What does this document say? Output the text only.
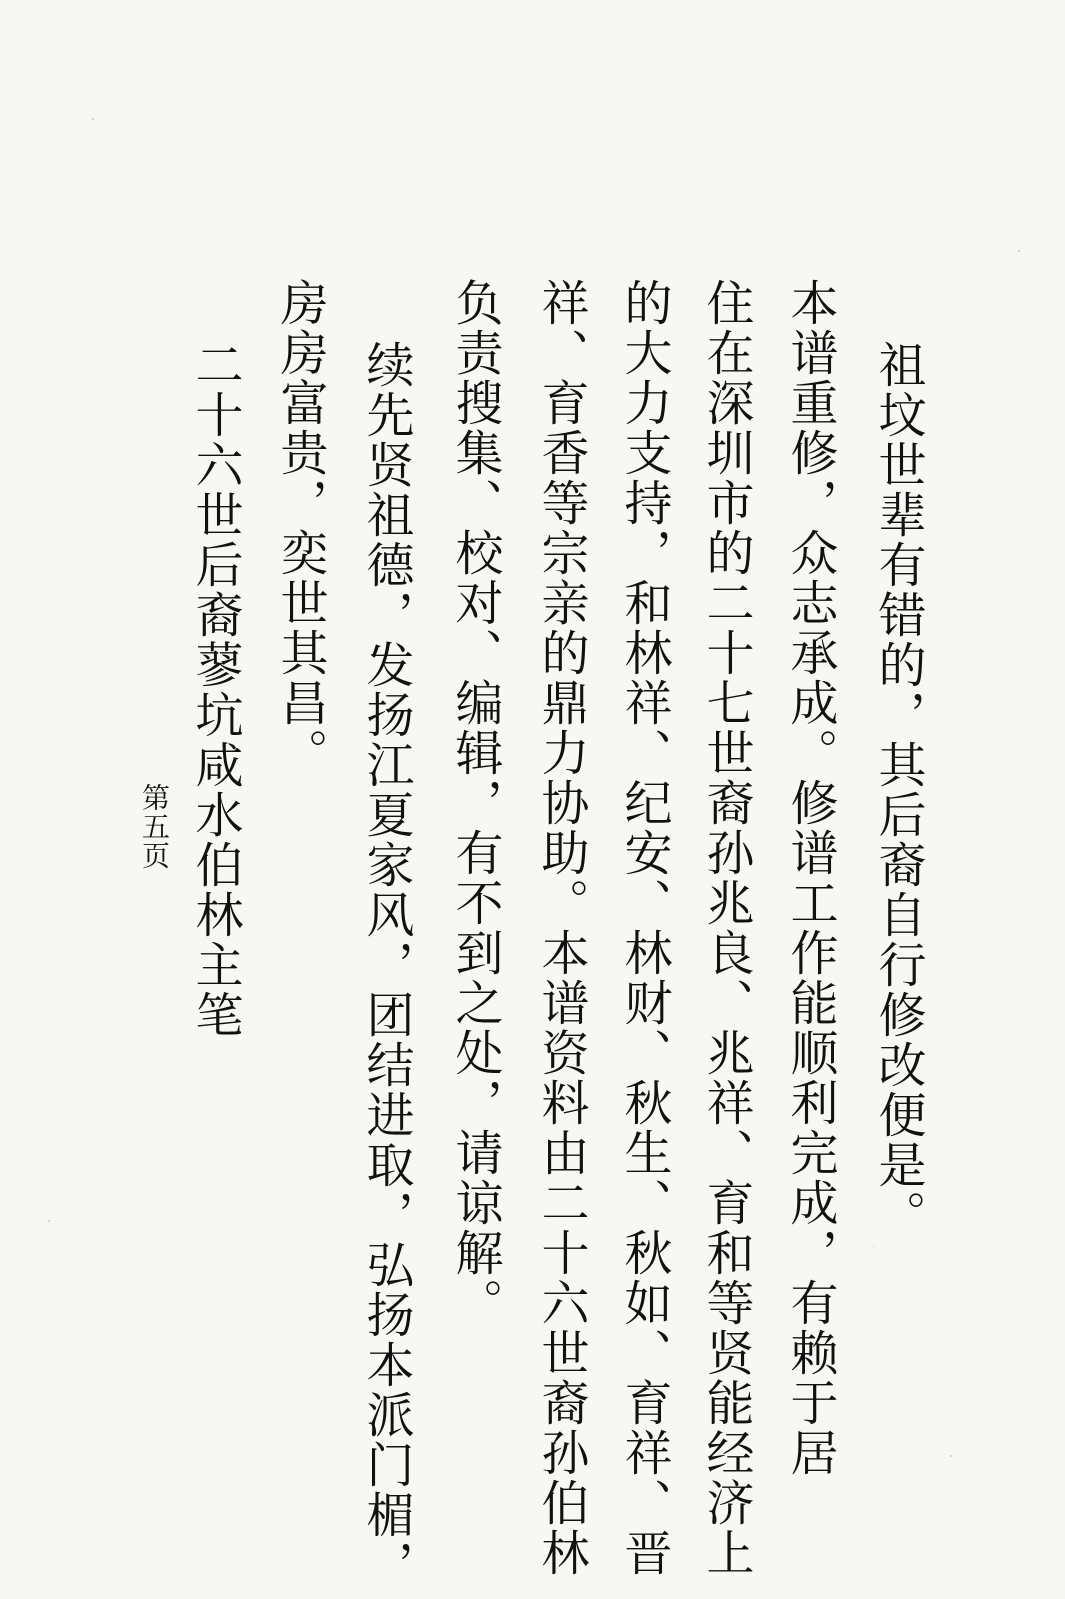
祖坟世辈有错的，其后裔自行修改便是。
本谱重修，众志承成。修谱工作能顺利完成，有赖于居
住在深圳市的二十七世裔孙兆良、兆祥、育和等贤能经济上
的大力支持，和林祥、纪安、林财、秋生、秋如、育祥、晋
祥、育香等宗亲的鼎力协助。本谱资料由二十六世裔孙伯林
负责搜集、校对、编辑，有不到之处，请谅解。
续先贤祖德，发扬江夏家风，团结进取，弘扬本派门楣，
房房富贵，奕世其昌。
二十六世后裔蓼坑咸水伯林主笔
第五页
